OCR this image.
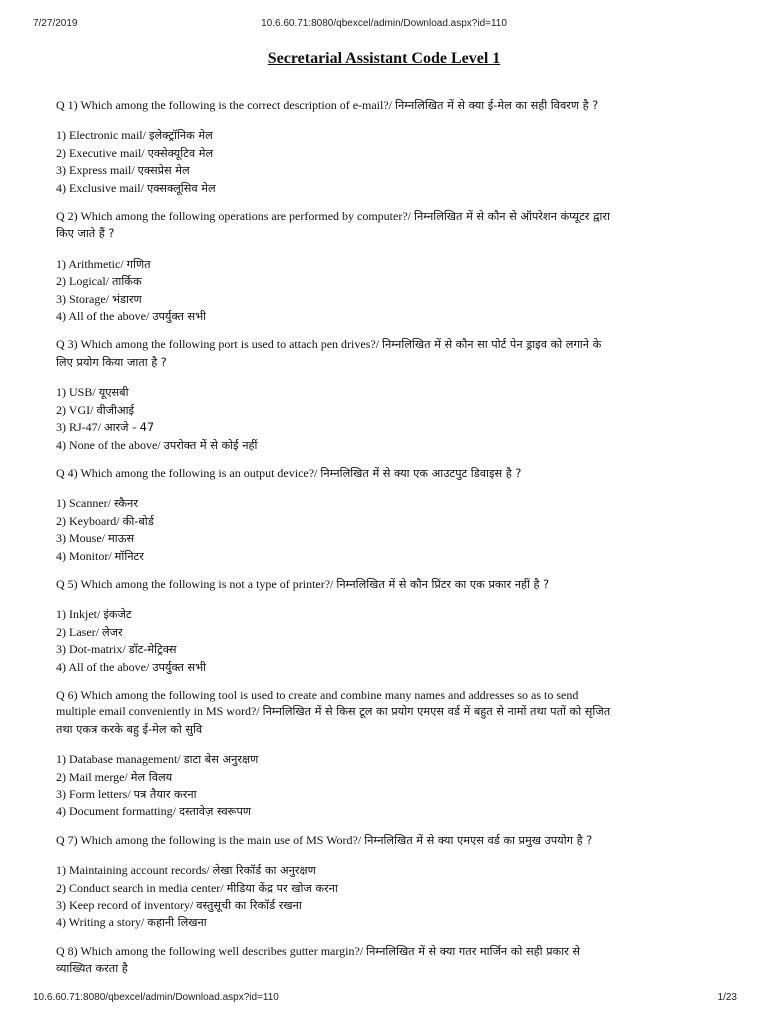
7/27/2019	10.6.60.71:8080/qbexcel/admin/Download.aspx?id=110
Secretarial Assistant Code Level 1
Q 1) Which among the following is the correct description of e-mail?/ निम्नलिखित में से क्या ई-मेल का सही विवरण है ?
1) Electronic mail/ इलेक्ट्रॉनिक मेल
2) Executive mail/ एक्सेक्यूटिव मेल
3) Express mail/ एक्सप्रेस मेल
4) Exclusive mail/ एक्सक्लूसिव मेल
Q 2) Which among the following operations are performed by computer?/ निम्नलिखित में से कौन से ऑपरेशन कंप्यूटर द्वारा किए जाते हैं ?
1) Arithmetic/ गणित
2) Logical/ तार्किक
3) Storage/ भंडारण
4) All of the above/ उपर्युक्त सभी
Q 3) Which among the following port is used to attach pen drives?/ निम्नलिखित में से कौन सा पोर्ट पेन ड्राइव को लगाने के लिए प्रयोग किया जाता है ?
1) USB/ यूएसबी
2) VGI/ वीजीआई
3) RJ-47/ आरजे - 47
4) None of the above/ उपरोक्त में से कोई नहीं
Q 4) Which among the following is an output device?/ निम्नलिखित में से क्या एक आउटपुट डिवाइस है ?
1) Scanner/ स्कैनर
2) Keyboard/ की-बोर्ड
3) Mouse/ माऊस
4) Monitor/ मॉनिटर
Q 5) Which among the following is not a type of printer?/ निम्नलिखित में से कौन प्रिंटर का एक प्रकार नहीं है ?
1) Inkjet/ इंकजेट
2) Laser/ लेजर
3) Dot-matrix/ डॉट-मेट्रिक्स
4) All of the above/ उपर्युक्त सभी
Q 6) Which among the following tool is used to create and combine many names and addresses so as to send multiple email conveniently in MS word?/ निम्नलिखित में से किस टूल का प्रयोग एमएस वर्ड में बहुत से नामों तथा पतों को सृजित तथा एकत्र करके बहु ई-मेल को सुवि
1) Database management/ डाटा बेस अनुरक्षण
2) Mail merge/ मेल विलय
3) Form letters/ पत्र तैयार करना
4) Document formatting/ दस्तावेज़ स्वरूपण
Q 7) Which among the following is the main use of MS Word?/ निम्नलिखित में से क्या एमएस वर्ड का प्रमुख उपयोग है ?
1) Maintaining account records/ लेखा रिकॉर्ड का अनुरक्षण
2) Conduct search in media center/ मीडिया केंद्र पर खोज करना
3) Keep record of inventory/ वस्तुसूची का रिकॉर्ड रखना
4) Writing a story/ कहानी लिखना
Q 8) Which among the following well describes gutter margin?/ निम्नलिखित में से क्या गतर मार्जिन को सही प्रकार से व्याख्यित करता है
10.6.60.71:8080/qbexcel/admin/Download.aspx?id=110	1/23
